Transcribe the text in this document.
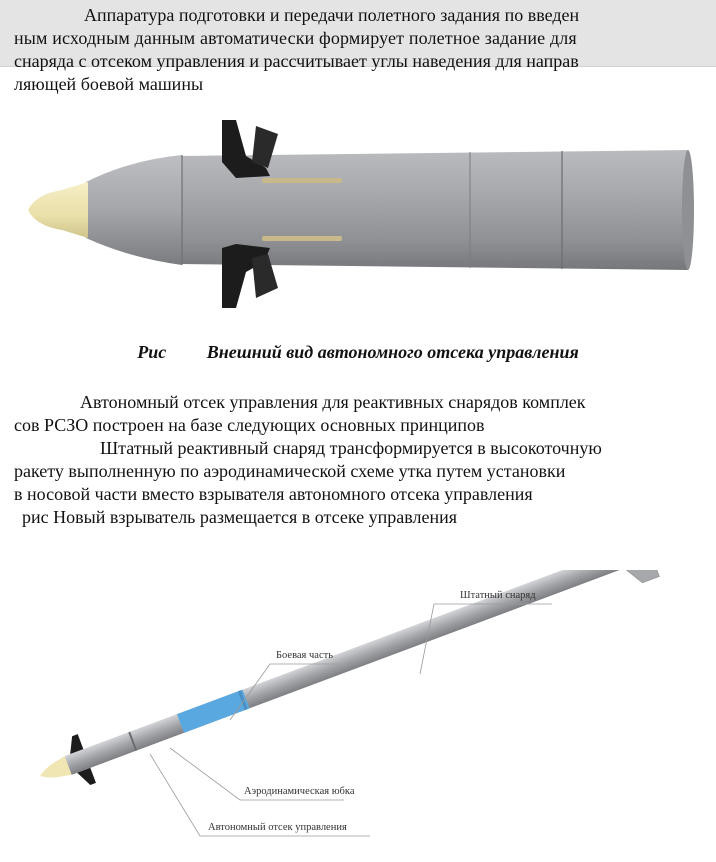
Аппаратура подготовки и передачи полетного задания по введен
ным исходным данным автоматически формирует полетное задание для
снаряда с отсеком управления и рассчитывает углы наведения для направ
ляющей боевой машины
Рис Внешний вид автономного отсека управления
Автономный отсек управления для реактивных снарядов комплек
сов РСЗО построен на базе следующих основных принципов
Штатный реактивный снаряд трансформируется в высокоточную
ракету выполненную по аэродинамической схеме утка путем установки
в носовой части вместо взрывателя автономного отсека управления
рис Новый взрыватель размещается в отсеке управления
Штатный снаряд
Боевая часть
Аэродинамическая юбка
Автономный отсек управления
